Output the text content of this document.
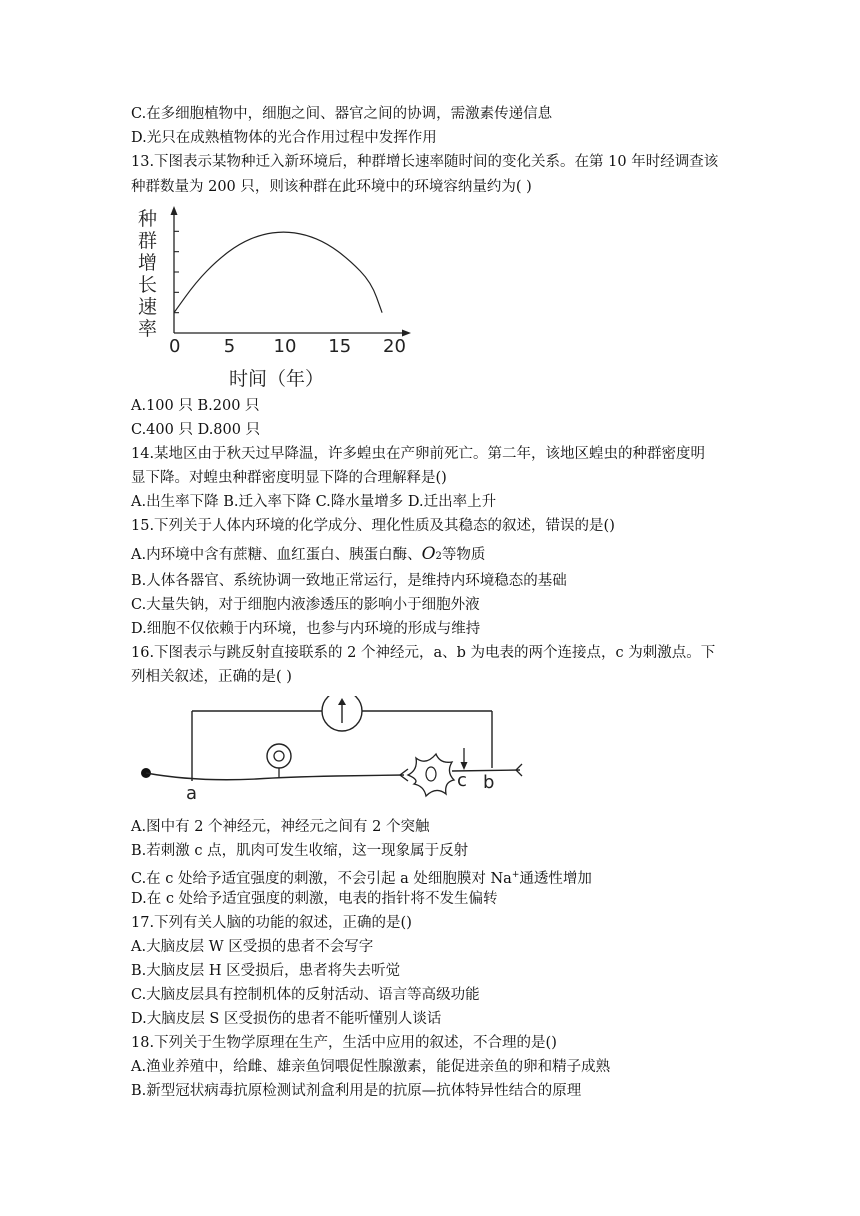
C.在多细胞植物中，细胞之间、器官之间的协调，需激素传递信息
D.光只在成熟植物体的光合作用过程中发挥作用
13.下图表示某物种迁入新环境后，种群增长速率随时间的变化关系。在第 10 年时经调查该
种群数量为 200 只，则该种群在此环境中的环境容纳量约为( )
种
群
增
长
速
率
0 5 10 15 20
时间（年）
A.100 只 B.200 只
C.400 只 D.800 只
14.某地区由于秋天过早降温，许多蝗虫在产卵前死亡。第二年，该地区蝗虫的种群密度明
显下降。对蝗虫种群密度明显下降的合理解释是()
A.出生率下降 B.迁入率下降 C.降水量增多 D.迁出率上升
15.下列关于人体内环境的化学成分、理化性质及其稳态的叙述，错误的是()
A.内环境中含有蔗糖、血红蛋白、胰蛋白酶、O2等物质
B.人体各器官、系统协调一致地正常运行，是维持内环境稳态的基础
C.大量失钠，对于细胞内液渗透压的影响小于细胞外液
D.细胞不仅依赖于内环境，也参与内环境的形成与维持
16.下图表示与跳反射直接联系的 2 个神经元，a、b 为电表的两个连接点，c 为刺激点。下
列相关叙述，正确的是( )
a
c b
A.图中有 2 个神经元，神经元之间有 2 个突触
B.若刺激 c 点，肌肉可发生收缩，这一现象属于反射
C.在 c 处给予适宜强度的刺激，不会引起 a 处细胞膜对 Na+通透性增加
D.在 c 处给予适宜强度的刺激，电表的指针将不发生偏转
17.下列有关人脑的功能的叙述，正确的是()
A.大脑皮层 W 区受损的患者不会写字
B.大脑皮层 H 区受损后，患者将失去听觉
C.大脑皮层具有控制机体的反射活动、语言等高级功能
D.大脑皮层 S 区受损伤的患者不能听懂别人谈话
18.下列关于生物学原理在生产，生活中应用的叙述，不合理的是()
A.渔业养殖中，给雌、雄亲鱼饲喂促性腺激素，能促进亲鱼的卵和精子成熟
B.新型冠状病毒抗原检测试剂盒利用是的抗原—抗体特异性结合的原理
